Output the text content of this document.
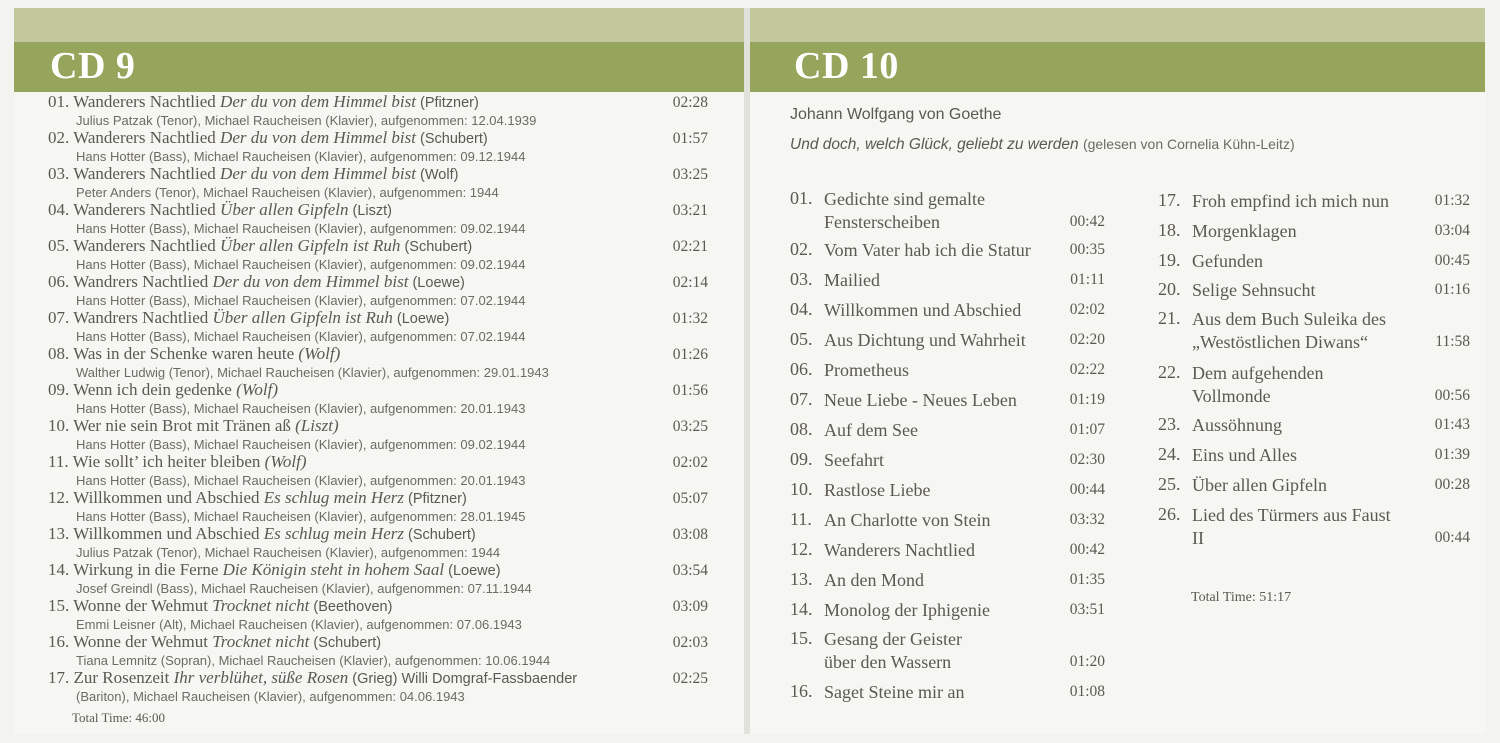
CD 9
01. Wanderers Nachtlied Der du von dem Himmel bist (Pfitzner)
Julius Patzak (Tenor), Michael Raucheisen (Klavier), aufgenommen: 12.04.1939
02:28
02. Wanderers Nachtlied Der du von dem Himmel bist (Schubert)
Hans Hotter (Bass), Michael Raucheisen (Klavier), aufgenommen: 09.12.1944
01:57
03. Wanderers Nachtlied Der du von dem Himmel bist (Wolf)
Peter Anders (Tenor), Michael Raucheisen (Klavier), aufgenommen: 1944
03:25
04. Wanderers Nachtlied Über allen Gipfeln (Liszt)
Hans Hotter (Bass), Michael Raucheisen (Klavier), aufgenommen: 09.02.1944
03:21
05. Wanderers Nachtlied Über allen Gipfeln ist Ruh (Schubert)
Hans Hotter (Bass), Michael Raucheisen (Klavier), aufgenommen: 09.02.1944
02:21
06. Wandrers Nachtlied Der du von dem Himmel bist (Loewe)
Hans Hotter (Bass), Michael Raucheisen (Klavier), aufgenommen: 07.02.1944
02:14
07. Wandrers Nachtlied Über allen Gipfeln ist Ruh (Loewe)
Hans Hotter (Bass), Michael Raucheisen (Klavier), aufgenommen: 07.02.1944
01:32
08. Was in der Schenke waren heute (Wolf)
Walther Ludwig (Tenor), Michael Raucheisen (Klavier), aufgenommen: 29.01.1943
01:26
09. Wenn ich dein gedenke (Wolf)
Hans Hotter (Bass), Michael Raucheisen (Klavier), aufgenommen: 20.01.1943
01:56
10. Wer nie sein Brot mit Tränen aß (Liszt)
Hans Hotter (Bass), Michael Raucheisen (Klavier), aufgenommen: 09.02.1944
03:25
11. Wie sollt’ ich heiter bleiben (Wolf)
Hans Hotter (Bass), Michael Raucheisen (Klavier), aufgenommen: 20.01.1943
02:02
12. Willkommen und Abschied Es schlug mein Herz (Pfitzner)
Hans Hotter (Bass), Michael Raucheisen (Klavier), aufgenommen: 28.01.1945
05:07
13. Willkommen und Abschied Es schlug mein Herz (Schubert)
Julius Patzak (Tenor), Michael Raucheisen (Klavier), aufgenommen: 1944
03:08
14. Wirkung in die Ferne Die Königin steht in hohem Saal (Loewe)
Josef Greindl (Bass), Michael Raucheisen (Klavier), aufgenommen: 07.11.1944
03:54
15. Wonne der Wehmut Trocknet nicht (Beethoven)
Emmi Leisner (Alt), Michael Raucheisen (Klavier), aufgenommen: 07.06.1943
03:09
16. Wonne der Wehmut Trocknet nicht (Schubert)
Tiana Lemnitz (Sopran), Michael Raucheisen (Klavier), aufgenommen: 10.06.1944
02:03
17. Zur Rosenzeit Ihr verblühet, süße Rosen (Grieg) Willi Domgraf-Fassbaender
(Bariton), Michael Raucheisen (Klavier), aufgenommen: 04.06.1943
02:25
Total Time: 46:00
CD 10
Johann Wolfgang von Goethe
Und doch, welch Glück, geliebt zu werden (gelesen von Cornelia Kühn-Leitz)
01. Gedichte sind gemalte Fensterscheiben	00:42
02. Vom Vater hab ich die Statur	00:35
03. Mailied	01:11
04. Willkommen und Abschied	02:02
05. Aus Dichtung und Wahrheit	02:20
06. Prometheus	02:22
07. Neue Liebe - Neues Leben	01:19
08. Auf dem See	01:07
09. Seefahrt	02:30
10. Rastlose Liebe	00:44
11. An Charlotte von Stein	03:32
12. Wanderers Nachtlied	00:42
13. An den Mond	01:35
14. Monolog der Iphigenie	03:51
15. Gesang der Geister über den Wassern	01:20
16. Saget Steine mir an	01:08
17. Froh empfind ich mich nun	01:32
18. Morgenklagen	03:04
19. Gefunden	00:45
20. Selige Sehnsucht	01:16
21. Aus dem Buch Suleika des „Westöstlichen Diwans“	11:58
22. Dem aufgehenden Vollmonde	00:56
23. Aussöhnung	01:43
24. Eins und Alles	01:39
25. Über allen Gipfeln	00:28
26. Lied des Türmers aus Faust II	00:44
Total Time: 51:17
